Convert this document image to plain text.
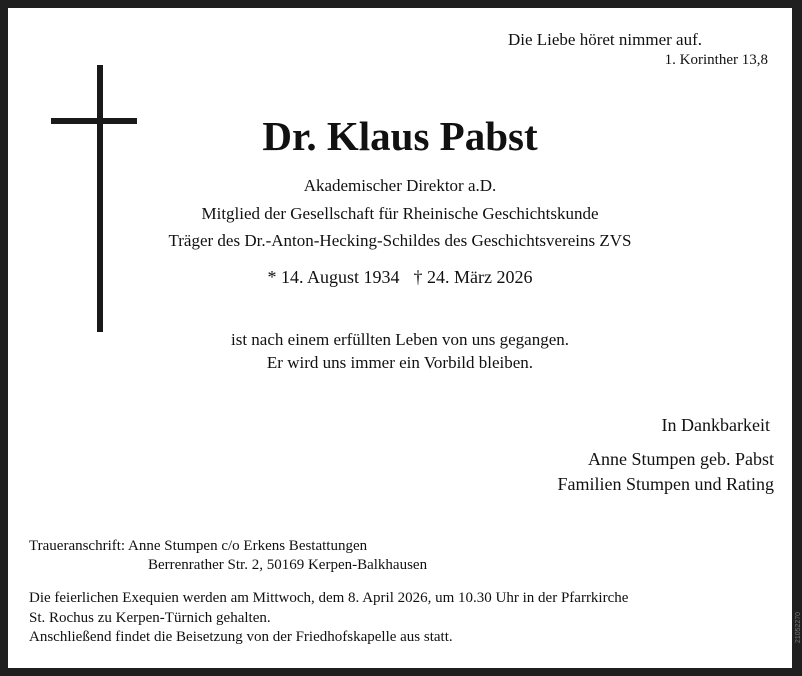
Die Liebe höret nimmer auf.
1. Korinther 13,8
Dr. Klaus Pabst
Akademischer Direktor a.D.
Mitglied der Gesellschaft für Rheinische Geschichtskunde
Träger des Dr.-Anton-Hecking-Schildes des Geschichtsvereins ZVS
* 14. August 1934 † 24. März 2026
ist nach einem erfüllten Leben von uns gegangen.
Er wird uns immer ein Vorbild bleiben.
In Dankbarkeit
Anne Stumpen geb. Pabst
Familien Stumpen und Rating
Traueranschrift: Anne Stumpen c/o Erkens Bestattungen
Berrenrather Str. 2, 50169 Kerpen-Balkhausen
Die feierlichen Exequien werden am Mittwoch, dem 8. April 2026, um 10.30 Uhr in der Pfarrkirche
St. Rochus zu Kerpen-Türnich gehalten.
Anschließend findet die Beisetzung von der Friedhofskapelle aus statt.	21052270
